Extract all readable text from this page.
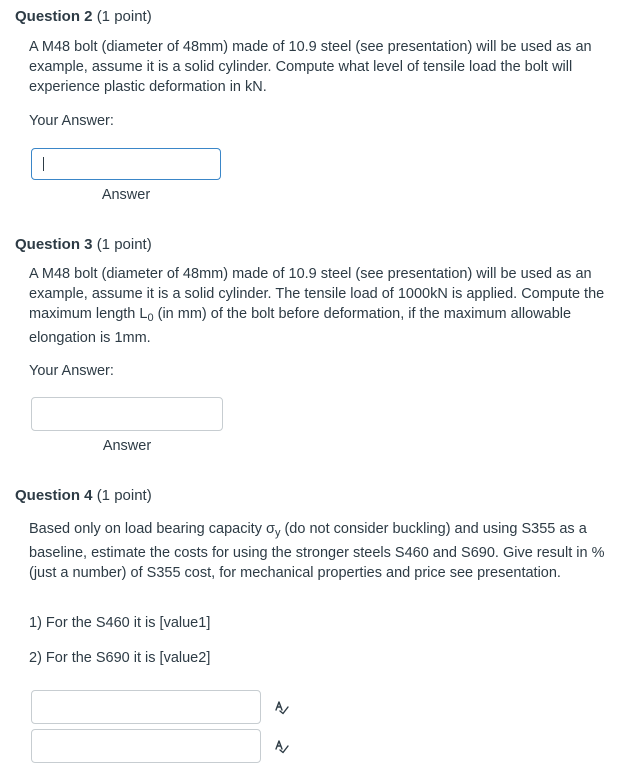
Question 2 (1 point)

A M48 bolt (diameter of 48mm) made of 10.9 steel (see presentation) will be used as an example, assume it is a solid cylinder. Compute what level of tensile load the bolt will experience plastic deformation in kN.

Your Answer:
Answer
Question 3 (1 point)

A M48 bolt (diameter of 48mm) made of 10.9 steel (see presentation) will be used as an example, assume it is a solid cylinder. The tensile load of 1000kN is applied. Compute the maximum length $L_0$ (in mm) of the bolt before deformation, if the maximum allowable elongation is 1mm.

Your Answer:
Answer
Question 4 (1 point)

Based only on load bearing capacity $\sigma_y$ (do not consider buckling) and using S355 as a baseline, estimate the costs for using the stronger steels S460 and S690. Give result in % (just a number) of S355 cost, for mechanical properties and price see presentation.

1) For the S460 it is [value1]
2) For the S690 it is [value2]
